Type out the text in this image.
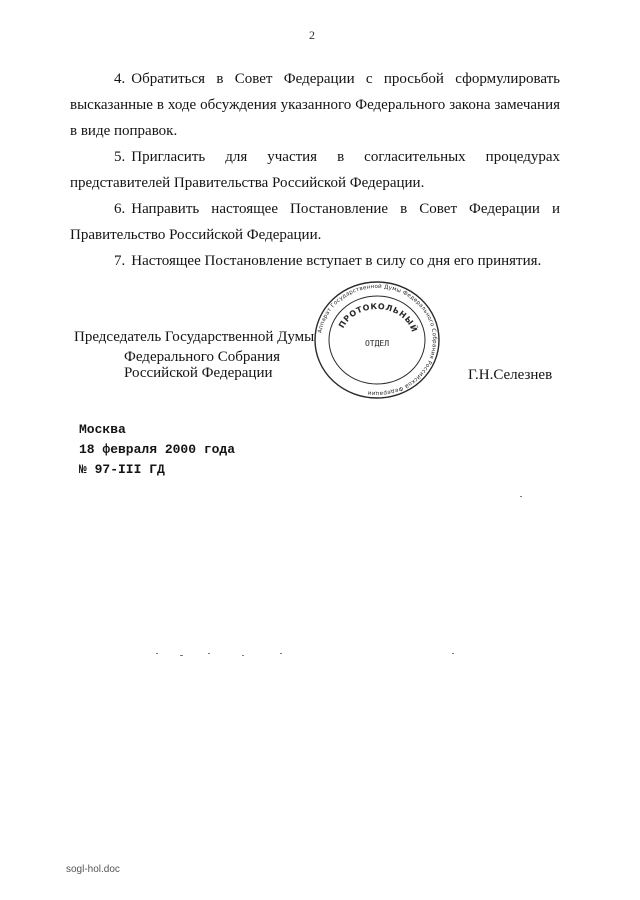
2

4. Обратиться в Совет Федерации с просьбой сформулировать высказанные в ходе обсуждения указанного Федерального закона замечания в виде поправок.

5. Пригласить для участия в согласительных процедурах представителей Правительства Российской Федерации.

6. Направить настоящее Постановление в Совет Федерации и Правительство Российской Федерации.

7. Настоящее Постановление вступает в силу со дня его принятия.

Председатель Государственной Думы
Федерального Собрания
Российской Федерации	Г.Н.Селезнев
Аппарат Государственной Думы Федерального Собрания Российской Федерации
ПРОТОКОЛЬНЫЙ
ОТДЕЛ
Москва
18 февраля 2000 года
№ 97-III ГД
sogl-hol.doc
